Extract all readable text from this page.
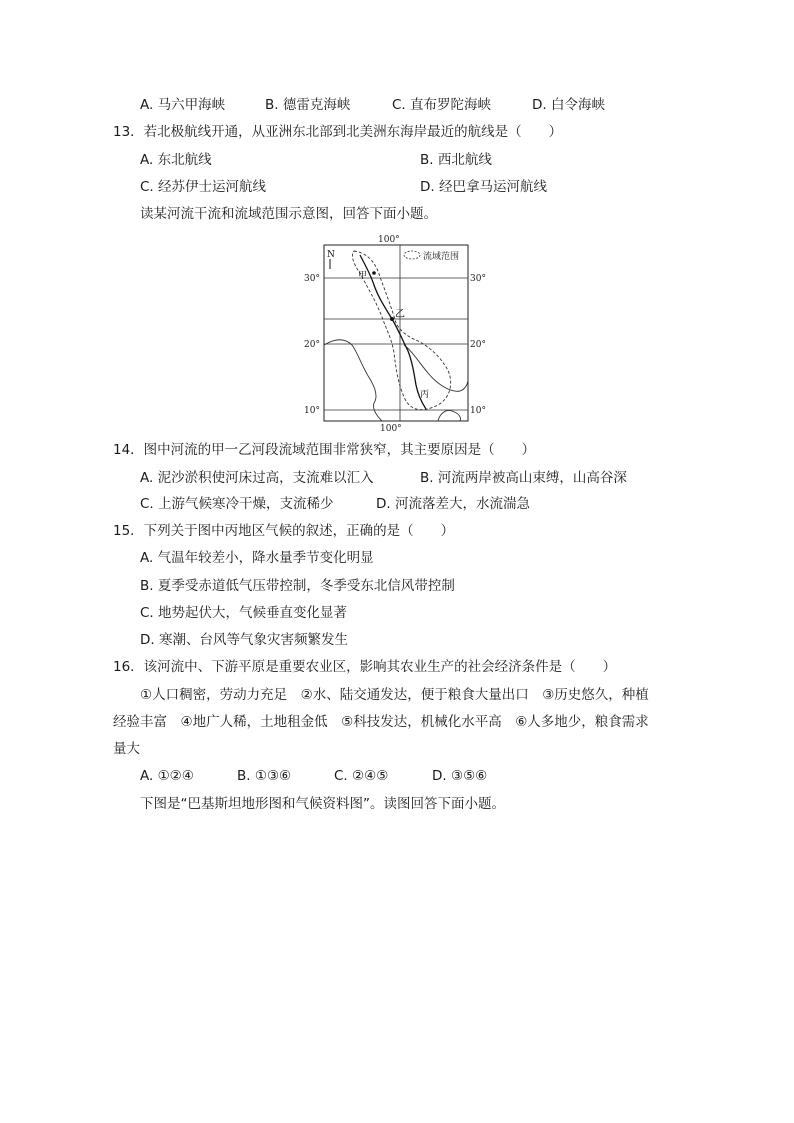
A. 马六甲海峡	B. 德雷克海峡	C. 直布罗陀海峡	D. 白令海峡
13．若北极航线开通，从亚洲东北部到北美洲东海岸最近的航线是（　　）
A. 东北航线	B. 西北航线
C. 经苏伊士运河航线	D. 经巴拿马运河航线
读某河流干流和流域范围示意图，回答下面小题。
流域范围
N
甲
乙
丙
100°
100°
30°	30°
20°	20°
10°	10°
14．图中河流的甲一乙河段流域范围非常狭窄，其主要原因是（　　）
A. 泥沙淤积使河床过高，支流难以汇入	B. 河流两岸被高山束缚，山高谷深
C. 上游气候寒冷干燥，支流稀少	D. 河流落差大，水流湍急
15．下列关于图中丙地区气候的叙述，正确的是（　　）
A. 气温年较差小，降水量季节变化明显
B. 夏季受赤道低气压带控制，冬季受东北信风带控制
C. 地势起伏大，气候垂直变化显著
D. 寒潮、台风等气象灾害频繁发生
16．该河流中、下游平原是重要农业区，影响其农业生产的社会经济条件是（　　）
①人口稠密，劳动力充足　②水、陆交通发达，便于粮食大量出口　③历史悠久，种植
经验丰富　④地广人稀，土地租金低　⑤科技发达，机械化水平高　⑥人多地少，粮食需求
量大
A. ①②④	B. ①③⑥	C. ②④⑤	D. ③⑤⑥
下图是“巴基斯坦地形图和气候资料图”。读图回答下面小题。
